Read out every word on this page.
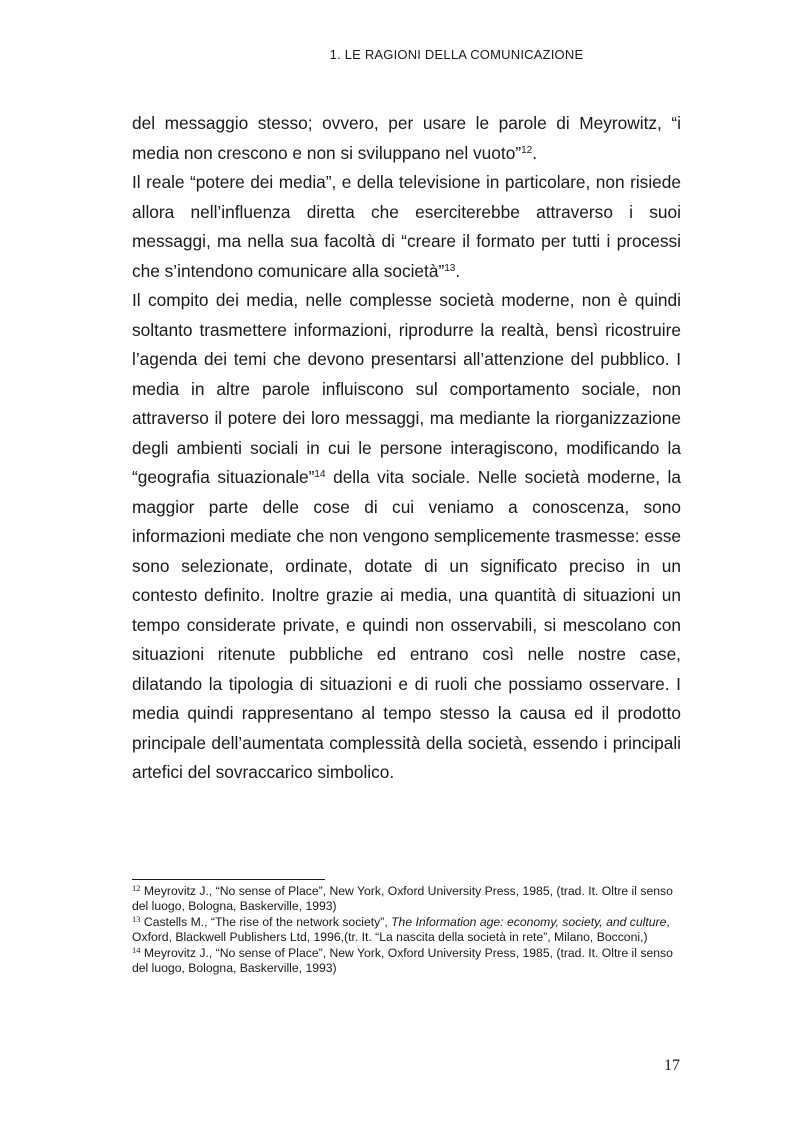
1. LE RAGIONI DELLA COMUNICAZIONE

del messaggio stesso; ovvero, per usare le parole di Meyrowitz, “i media non crescono e non si sviluppano nel vuoto”$^{12}$.

Il reale “potere dei media”, e della televisione in particolare, non risiede allora nell’influenza diretta che eserciterebbe attraverso i suoi messaggi, ma nella sua facoltà di “creare il formato per tutti i processi che s’intendono comunicare alla società”$^{13}$.

Il compito dei media, nelle complesse società moderne, non è quindi soltanto trasmettere informazioni, riprodurre la realtà, bensì ricostruire l’agenda dei temi che devono presentarsi all’attenzione del pubblico. I media in altre parole influiscono sul comportamento sociale, non attraverso il potere dei loro messaggi, ma mediante la riorganizzazione degli ambienti sociali in cui le persone interagiscono, modificando la “geografia situazionale”$^{14}$ della vita sociale. Nelle società moderne, la maggior parte delle cose di cui veniamo a conoscenza, sono informazioni mediate che non vengono semplicemente trasmesse: esse sono selezionate, ordinate, dotate di un significato preciso in un contesto definito. Inoltre grazie ai media, una quantità di situazioni un tempo considerate private, e quindi non osservabili, si mescolano con situazioni ritenute pubbliche ed entrano così nelle nostre case, dilatando la tipologia di situazioni e di ruoli che possiamo osservare. I media quindi rappresentano al tempo stesso la causa ed il prodotto principale dell’aumentata complessità della società, essendo i principali artefici del sovraccarico simbolico.

$^{12}$ Meyrovitz J., “No sense of Place”, New York, Oxford University Press, 1985, (trad. It. Oltre il senso del luogo, Bologna, Baskerville, 1993)

$^{13}$ Castells M., “The rise of the network society”, The Information age: economy, society, and culture, Oxford, Blackwell Publishers Ltd, 1996,(tr. It. “La nascita della società in rete”, Milano, Bocconi,)

$^{14}$ Meyrovitz J., “No sense of Place”, New York, Oxford University Press, 1985, (trad. It. Oltre il senso del luogo, Bologna, Baskerville, 1993)

17
